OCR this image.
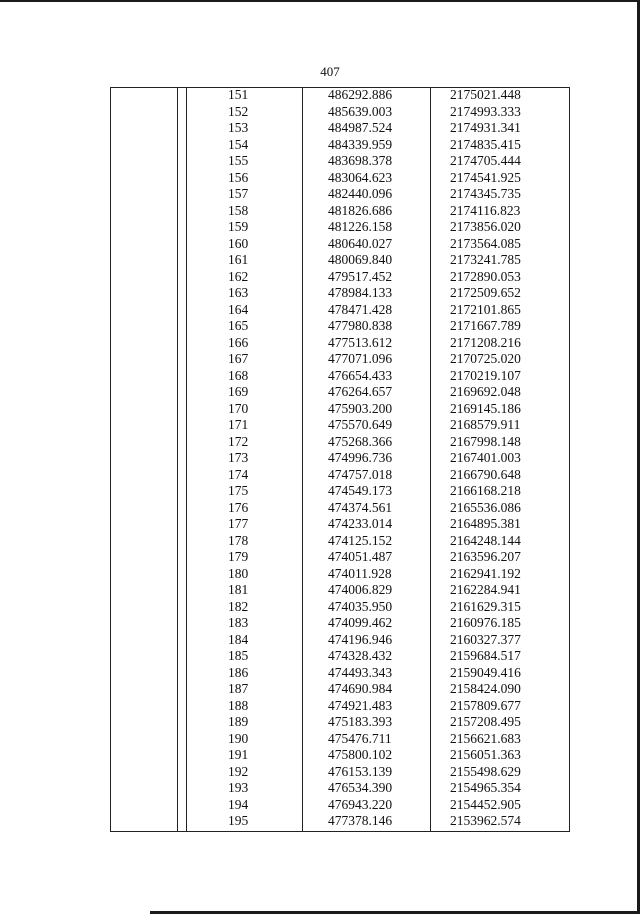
407
151	486292.886	2175021.448
152	485639.003	2174993.333
153	484987.524	2174931.341
154	484339.959	2174835.415
155	483698.378	2174705.444
156	483064.623	2174541.925
157	482440.096	2174345.735
158	481826.686	2174116.823
159	481226.158	2173856.020
160	480640.027	2173564.085
161	480069.840	2173241.785
162	479517.452	2172890.053
163	478984.133	2172509.652
164	478471.428	2172101.865
165	477980.838	2171667.789
166	477513.612	2171208.216
167	477071.096	2170725.020
168	476654.433	2170219.107
169	476264.657	2169692.048
170	475903.200	2169145.186
171	475570.649	2168579.911
172	475268.366	2167998.148
173	474996.736	2167401.003
174	474757.018	2166790.648
175	474549.173	2166168.218
176	474374.561	2165536.086
177	474233.014	2164895.381
178	474125.152	2164248.144
179	474051.487	2163596.207
180	474011.928	2162941.192
181	474006.829	2162284.941
182	474035.950	2161629.315
183	474099.462	2160976.185
184	474196.946	2160327.377
185	474328.432	2159684.517
186	474493.343	2159049.416
187	474690.984	2158424.090
188	474921.483	2157809.677
189	475183.393	2157208.495
190	475476.711	2156621.683
191	475800.102	2156051.363
192	476153.139	2155498.629
193	476534.390	2154965.354
194	476943.220	2154452.905
195	477378.146	2153962.574
